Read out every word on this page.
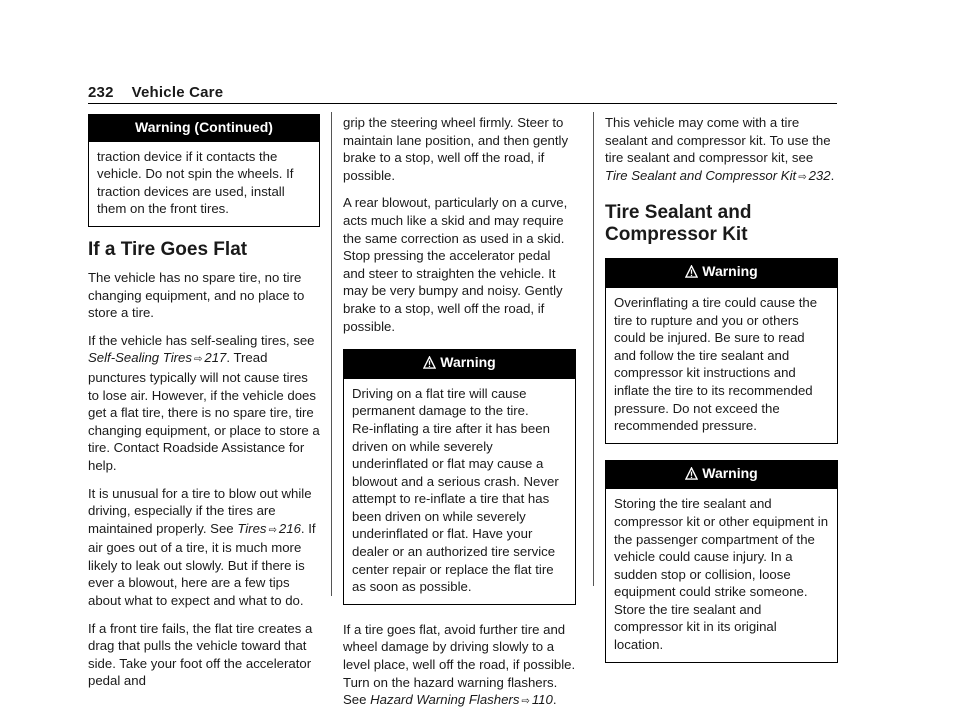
232 Vehicle Care
Warning (Continued)

traction device if it contacts the vehicle. Do not spin the wheels. If traction devices are used, install them on the front tires.

If a Tire Goes Flat

The vehicle has no spare tire, no tire changing equipment, and no place to store a tire.

If the vehicle has self-sealing tires, see Self-Sealing Tires ⇨ 217. Tread punctures typically will not cause tires to lose air. However, if the vehicle does get a flat tire, there is no spare tire, tire changing equipment, or place to store a tire. Contact Roadside Assistance for help.

It is unusual for a tire to blow out while driving, especially if the tires are maintained properly. See Tires ⇨ 216. If air goes out of a tire, it is much more likely to leak out slowly. But if there is ever a blowout, here are a few tips about what to expect and what to do.

If a front tire fails, the flat tire creates a drag that pulls the vehicle toward that side. Take your foot off the accelerator pedal and

grip the steering wheel firmly. Steer to maintain lane position, and then gently brake to a stop, well off the road, if possible.

A rear blowout, particularly on a curve, acts much like a skid and may require the same correction as used in a skid. Stop pressing the accelerator pedal and steer to straighten the vehicle. It may be very bumpy and noisy. Gently brake to a stop, well off the road, if possible.

Warning

Driving on a flat tire will cause permanent damage to the tire.

Re-inflating a tire after it has been driven on while severely underinflated or flat may cause a blowout and a serious crash. Never attempt to re-inflate a tire that has been driven on while severely underinflated or flat. Have your dealer or an authorized tire service center repair or replace the flat tire as soon as possible.

If a tire goes flat, avoid further tire and wheel damage by driving slowly to a level place, well off the road, if possible. Turn on the hazard warning flashers. See Hazard Warning Flashers ⇨ 110.

This vehicle may come with a tire sealant and compressor kit. To use the tire sealant and compressor kit, see Tire Sealant and Compressor Kit ⇨ 232.

Tire Sealant and Compressor Kit
Warning

Overinflating a tire could cause the tire to rupture and you or others could be injured. Be sure to read and follow the tire sealant and compressor kit instructions and inflate the tire to its recommended pressure. Do not exceed the recommended pressure.

Warning

Storing the tire sealant and compressor kit or other equipment in the passenger compartment of the vehicle could cause injury. In a sudden stop or collision, loose equipment could strike someone. Store the tire sealant and compressor kit in its original location.
